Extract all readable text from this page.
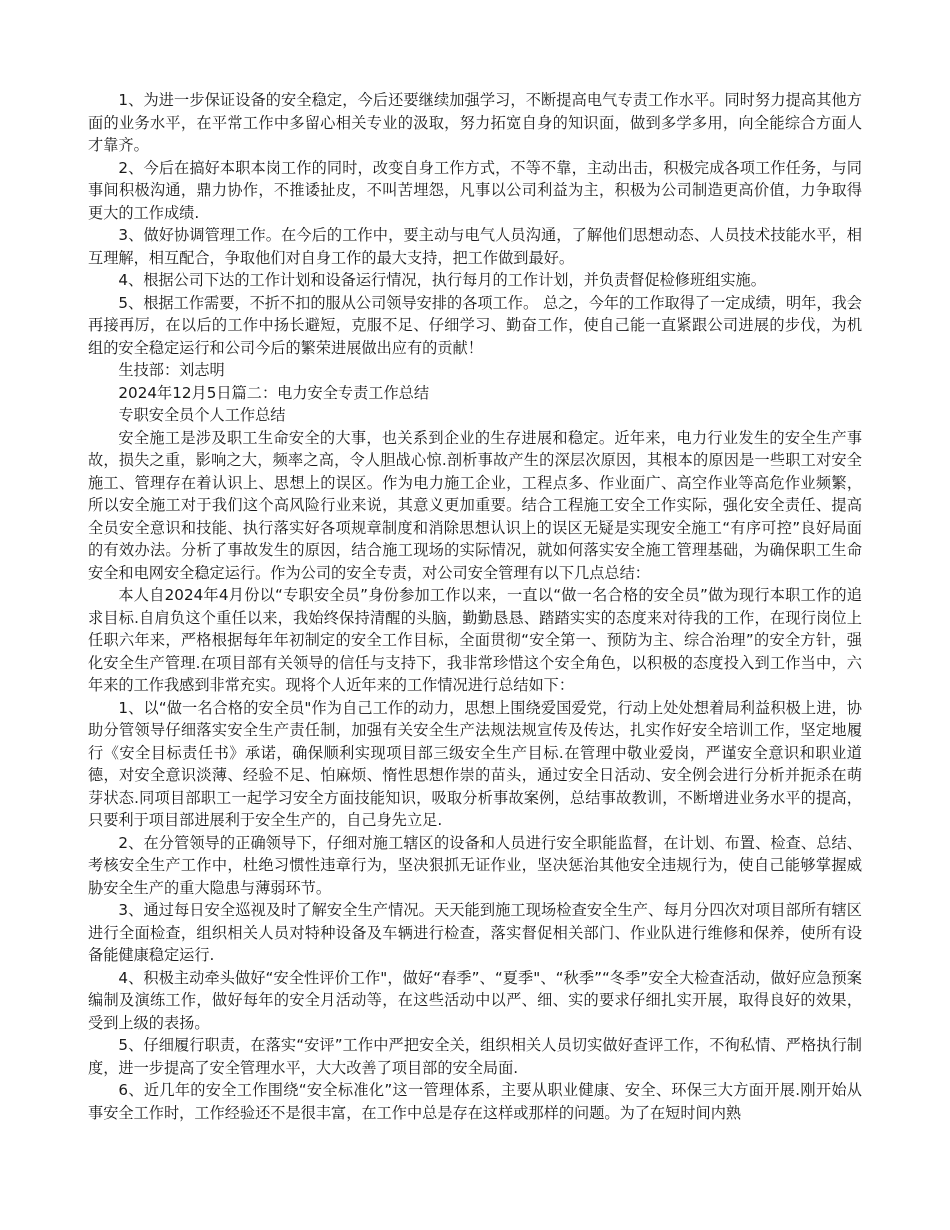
1、为进一步保证设备的安全稳定，今后还要继续加强学习，不断提高电气专责工作水平。同时努力提高其他方面的业务水平，在平常工作中多留心相关专业的汲取，努力拓宽自身的知识面，做到多学多用，向全能综合方面人才靠齐。

2、今后在搞好本职本岗工作的同时，改变自身工作方式，不等不靠，主动出击，积极完成各项工作任务，与同事间积极沟通，鼎力协作，不推诿扯皮，不叫苦埋怨，凡事以公司利益为主，积极为公司制造更高价值，力争取得更大的工作成绩.

3、做好协调管理工作。在今后的工作中，要主动与电气人员沟通，了解他们思想动态、人员技术技能水平，相互理解，相互配合，争取他们对自身工作的最大支持，把工作做到最好。

4、根据公司下达的工作计划和设备运行情况，执行每月的工作计划，并负责督促检修班组实施。

5、根据工作需要，不折不扣的服从公司领导安排的各项工作。 总之，今年的工作取得了一定成绩，明年，我会再接再厉，在以后的工作中扬长避短，克服不足、仔细学习、勤奋工作，使自己能一直紧跟公司进展的步伐，为机组的安全稳定运行和公司今后的繁荣进展做出应有的贡献！

生技部：刘志明

2024年12月5日篇二：电力安全专责工作总结

专职安全员个人工作总结

安全施工是涉及职工生命安全的大事，也关系到企业的生存进展和稳定。近年来，电力行业发生的安全生产事故，损失之重，影响之大，频率之高，令人胆战心惊.剖析事故产生的深层次原因，其根本的原因是一些职工对安全施工、管理存在着认识上、思想上的误区。作为电力施工企业，工程点多、作业面广、高空作业等高危作业频繁，所以安全施工对于我们这个高风险行业来说，其意义更加重要。结合工程施工安全工作实际，强化安全责任、提高全员安全意识和技能、执行落实好各项规章制度和消除思想认识上的误区无疑是实现安全施工“有序可控”良好局面的有效办法。分析了事故发生的原因，结合施工现场的实际情况，就如何落实安全施工管理基础，为确保职工生命安全和电网安全稳定运行。作为公司的安全专责，对公司安全管理有以下几点总结：

本人自2024年4月份以“专职安全员”身份参加工作以来，一直以“做一名合格的安全员”做为现行本职工作的追求目标.自肩负这个重任以来，我始终保持清醒的头脑，勤勤恳恳、踏踏实实的态度来对待我的工作，在现行岗位上任职六年来，严格根据每年年初制定的安全工作目标，全面贯彻“安全第一、预防为主、综合治理”的安全方针，强化安全生产管理.在项目部有关领导的信任与支持下，我非常珍惜这个安全角色，以积极的态度投入到工作当中，六年来的工作我感到非常充实。现将个人近年来的工作情况进行总结如下：

1、以“做一名合格的安全员"作为自己工作的动力，思想上围绕爱国爱党，行动上处处想着局利益积极上进，协助分管领导仔细落实安全生产责任制，加强有关安全生产法规法规宣传及传达，扎实作好安全培训工作，坚定地履行《安全目标责任书》承诺，确保顺利实现项目部三级安全生产目标.在管理中敬业爱岗，严谨安全意识和职业道德，对安全意识淡薄、经验不足、怕麻烦、惰性思想作崇的苗头，通过安全日活动、安全例会进行分析并扼杀在萌芽状态.同项目部职工一起学习安全方面技能知识，吸取分析事故案例，总结事故教训，不断增进业务水平的提高，只要利于项目部进展利于安全生产的，自己身先立足.

2、在分管领导的正确领导下，仔细对施工辖区的设备和人员进行安全职能监督，在计划、布置、检查、总结、考核安全生产工作中，杜绝习惯性违章行为，坚决狠抓无证作业，坚决惩治其他安全违规行为，使自己能够掌握威胁安全生产的重大隐患与薄弱环节。

3、通过每日安全巡视及时了解安全生产情况。天天能到施工现场检查安全生产、每月分四次对项目部所有辖区进行全面检查，组织相关人员对特种设备及车辆进行检查，落实督促相关部门、作业队进行维修和保养，使所有设备能健康稳定运行.

4、积极主动牵头做好“安全性评价工作"，做好“春季”、“夏季"、“秋季”“冬季”安全大检查活动，做好应急预案编制及演练工作，做好每年的安全月活动等，在这些活动中以严、细、实的要求仔细扎实开展，取得良好的效果，受到上级的表扬。

5、仔细履行职责，在落实“安评”工作中严把安全关，组织相关人员切实做好查评工作，不徇私情、严格执行制度，进一步提高了安全管理水平，大大改善了项目部的安全局面.

6、近几年的安全工作围绕“安全标准化”这一管理体系，主要从职业健康、安全、环保三大方面开展.刚开始从事安全工作时，工作经验还不是很丰富，在工作中总是存在这样或那样的问题。为了在短时间内熟
